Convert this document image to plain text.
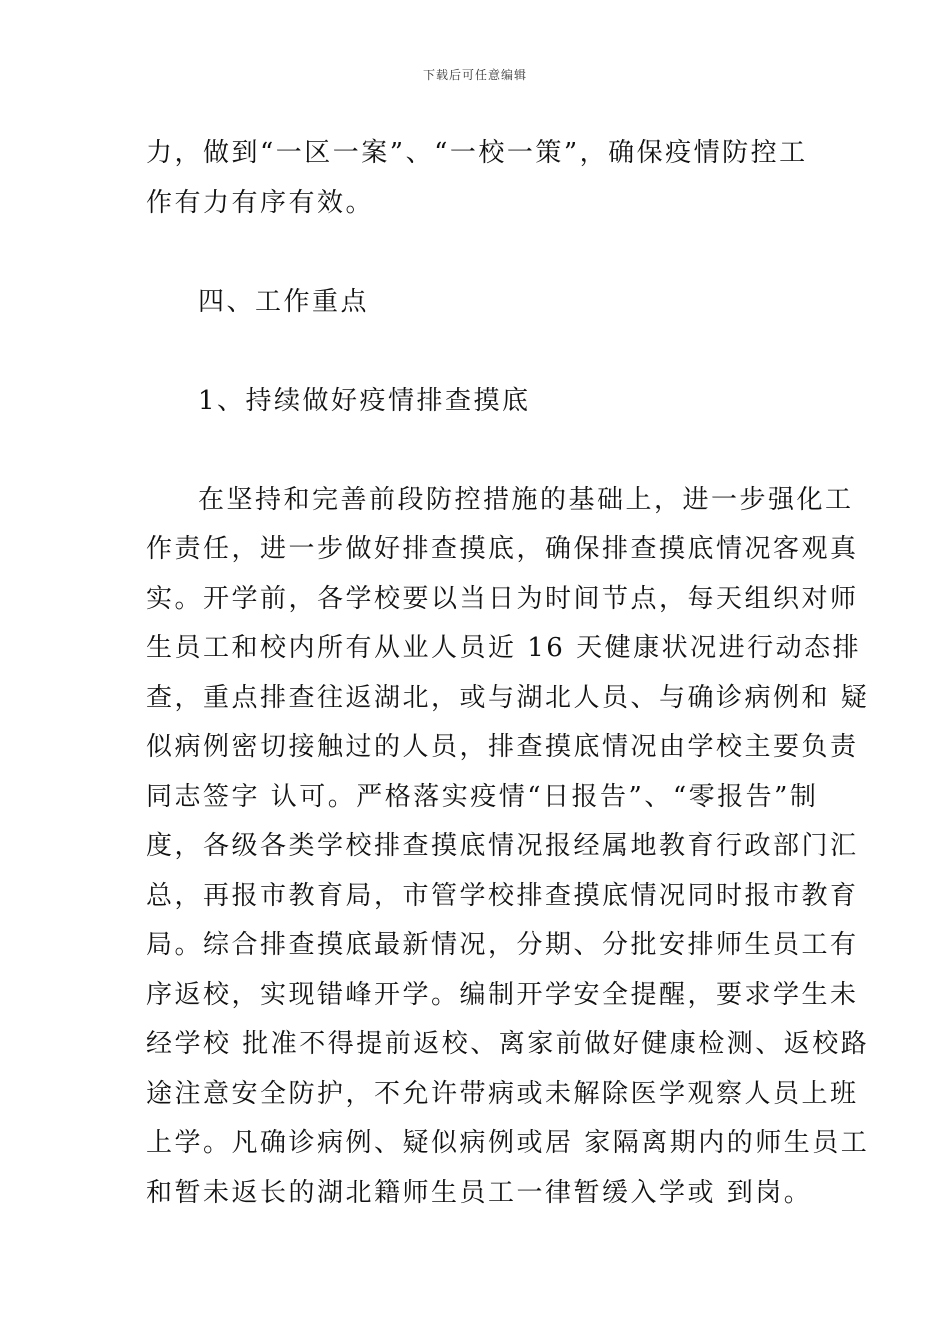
下载后可任意编辑
力，做到“一区一案”、“一校一策”，确保疫情防控工
作有力有序有效。
四、工作重点
1、持续做好疫情排查摸底
在坚持和完善前段防控措施的基础上，进一步强化工
作责任，进一步做好排查摸底，确保排查摸底情况客观真
实。开学前，各学校要以当日为时间节点，每天组织对师
生员工和校内所有从业人员近 16 天健康状况进行动态排
查，重点排查往返湖北，或与湖北人员、与确诊病例和 疑
似病例密切接触过的人员，排查摸底情况由学校主要负责
同志签字 认可。严格落实疫情“日报告”、“零报告”制
度，各级各类学校排查摸底情况报经属地教育行政部门汇
总，再报市教育局，市管学校排查摸底情况同时报市教育
局。综合排查摸底最新情况，分期、分批安排师生员工有
序返校，实现错峰开学。编制开学安全提醒，要求学生未
经学校 批准不得提前返校、离家前做好健康检测、返校路
途注意安全防护，不允许带病或未解除医学观察人员上班
上学。凡确诊病例、疑似病例或居 家隔离期内的师生员工
和暂未返长的湖北籍师生员工一律暂缓入学或 到岗。
